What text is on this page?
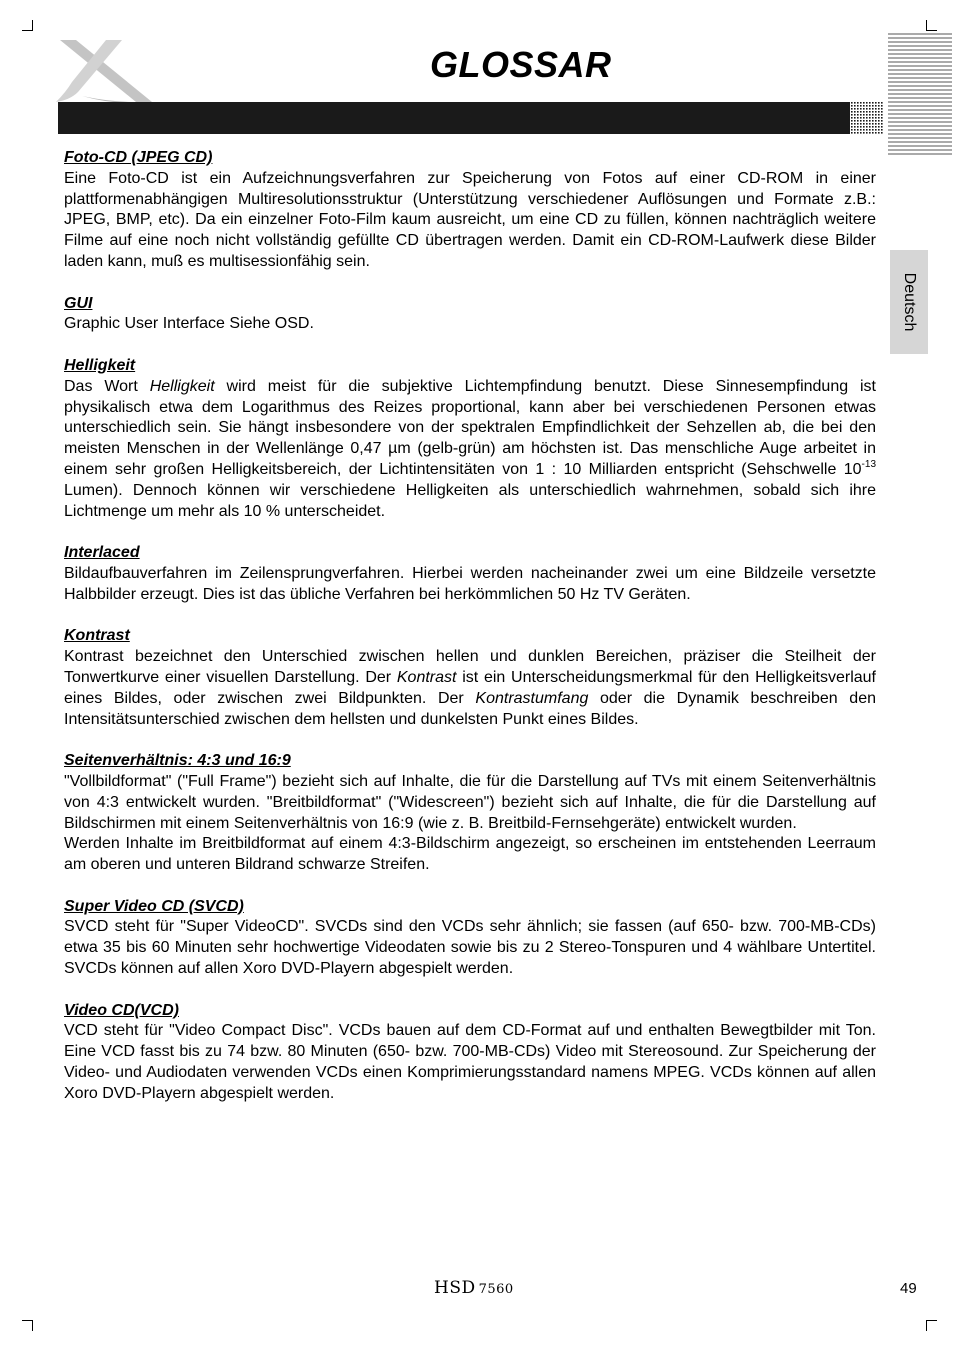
GLOSSAR
Deutsch
Foto-CD (JPEG CD)

Eine Foto-CD ist ein Aufzeichnungsverfahren zur Speicherung von Fotos auf einer CD-ROM in einer plattformenabhängigen Multiresolutionsstruktur (Unterstützung verschiedener Auflösungen und Formate z.B.: JPEG, BMP, etc). Da ein einzelner Foto-Film kaum ausreicht, um eine CD zu füllen, können nachträglich weitere Filme auf eine noch nicht vollständig gefüllte CD übertragen werden. Damit ein CD-ROM-Laufwerk diese Bilder laden kann, muß es multisessionfähig sein.

GUI

Graphic User Interface Siehe OSD.

Helligkeit

Das Wort Helligkeit wird meist für die subjektive Lichtempfindung benutzt. Diese Sinnesempfindung ist physikalisch etwa dem Logarithmus des Reizes proportional, kann aber bei verschiedenen Personen etwas unterschiedlich sein. Sie hängt insbesondere von der spektralen Empfindlichkeit der Sehzellen ab, die bei den meisten Menschen in der Wellenlänge 0,47 µm (gelb-grün) am höchsten ist. Das menschliche Auge arbeitet in einem sehr großen Helligkeitsbereich, der Lichtintensitäten von 1 : 10 Milliarden entspricht (Sehschwelle $10^{-13}$ Lumen). Dennoch können wir verschiedene Helligkeiten als unterschiedlich wahrnehmen, sobald sich ihre Lichtmenge um mehr als 10 % unterscheidet.

Interlaced

Bildaufbauverfahren im Zeilensprungverfahren. Hierbei werden nacheinander zwei um eine Bildzeile versetzte Halbbilder erzeugt. Dies ist das übliche Verfahren bei herkömmlichen 50 Hz TV Geräten.

Kontrast

Kontrast bezeichnet den Unterschied zwischen hellen und dunklen Bereichen, präziser die Steilheit der Tonwertkurve einer visuellen Darstellung. Der Kontrast ist ein Unterscheidungsmerkmal für den Helligkeitsverlauf eines Bildes, oder zwischen zwei Bildpunkten. Der Kontrastumfang oder die Dynamik beschreiben den Intensitätsunterschied zwischen dem hellsten und dunkelsten Punkt eines Bildes.

Seitenverhältnis: 4:3 und 16:9

"Vollbildformat" ("Full Frame") bezieht sich auf Inhalte, die für die Darstellung auf TVs mit einem Seitenverhältnis von 4:3 entwickelt wurden. "Breitbildformat" ("Widescreen") bezieht sich auf Inhalte, die für die Darstellung auf Bildschirmen mit einem Seitenverhältnis von 16:9 (wie z. B. Breitbild-Fernsehgeräte) entwickelt wurden.

Werden Inhalte im Breitbildformat auf einem 4:3-Bildschirm angezeigt, so erscheinen im entstehenden Leerraum am oberen und unteren Bildrand schwarze Streifen.

Super Video CD (SVCD)

SVCD steht für "Super VideoCD". SVCDs sind den VCDs sehr ähnlich; sie fassen (auf 650- bzw. 700-MB-CDs) etwa 35 bis 60 Minuten sehr hochwertige Videodaten sowie bis zu 2 Stereo-Tonspuren und 4 wählbare Untertitel. SVCDs können auf allen Xoro DVD-Playern abgespielt werden.

Video CD(VCD)

VCD steht für "Video Compact Disc". VCDs bauen auf dem CD-Format auf und enthalten Bewegtbilder mit Ton. Eine VCD fasst bis zu 74 bzw. 80 Minuten (650- bzw. 700-MB-CDs) Video mit Stereosound. Zur Speicherung der Video- und Audiodaten verwenden VCDs einen Komprimierungsstandard namens MPEG. VCDs können auf allen Xoro DVD-Playern abgespielt werden.

HSD 7560	49
